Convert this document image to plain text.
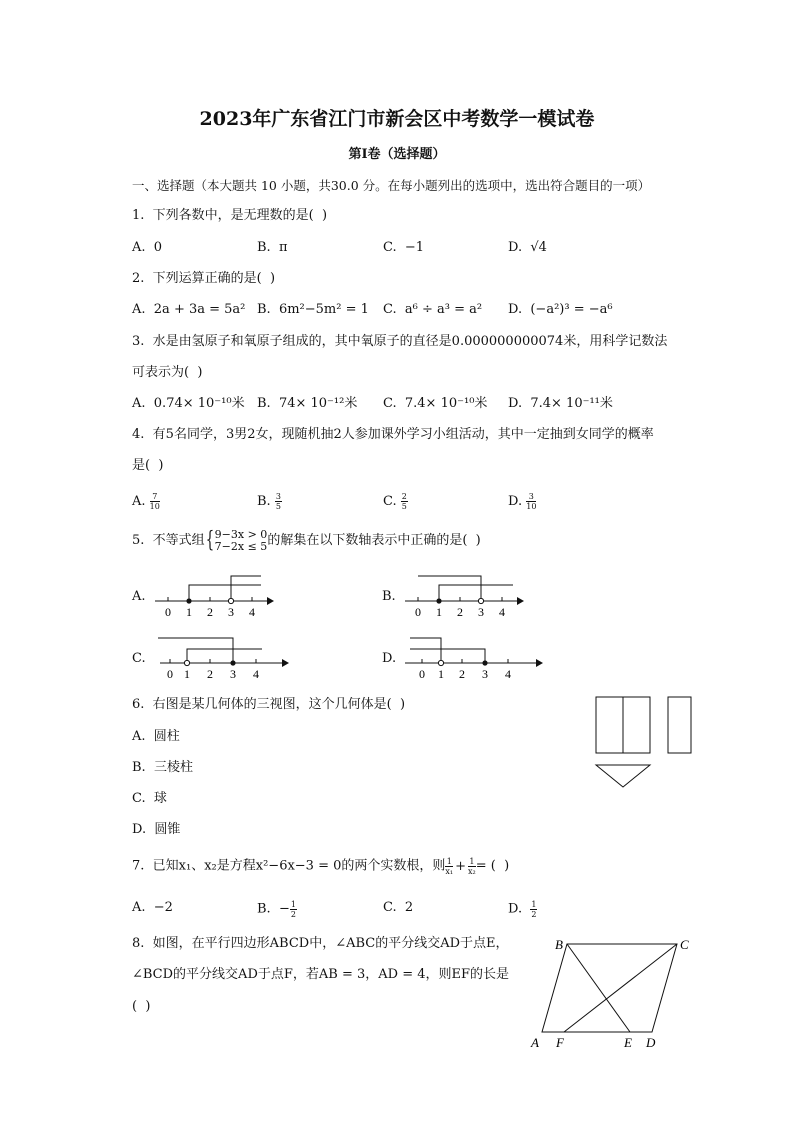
2023年广东省江门市新会区中考数学一模试卷
第Ⅰ卷（选择题）
一、选择题（本大题共 10 小题，共30.0 分。在每小题列出的选项中，选出符合题目的一项）
1.  下列各数中，是无理数的是(  )
A.  0	B.  π	C.  −1	D.  √4
2.  下列运算正确的是(  )
A.  2a + 3a = 5a² B.  6m²−5m² = 1 C.  a⁶ ÷ a³ = a² D.  (−a²)³ = −a⁶
3.  水是由氢原子和氧原子组成的，其中氧原子的直径是0.000000000074米，用科学记数法
可表示为(  )
A.  0.74× 10⁻¹⁰米 B.  74× 10⁻¹²米 C.  7.4× 10⁻¹⁰米 D.  7.4× 10⁻¹¹米
4.  有5名同学，3男2女，现随机抽2人参加课外学习小组活动，其中一定抽到女同学的概率
是(  )
A. $\frac{7}{10}$	B. $\frac{3}{5}$	C. $\frac{2}{5}$	D. $\frac{3}{10}$
5.  不等式组{ 9−3x > 0
7−2x ≤ 5 的解集在以下数轴表示中正确的是(  )
A.	B.
C.	D.
0 1 2 3 4	0 1 2 3 4
0 1 2 3 4	0 1 2 3 4
6.  右图是某几何体的三视图，这个几何体是(  )
A.  圆柱
B.  三棱柱
C.  球
D.  圆锥
7.  已知x₁、x₂是方程x²−6x−3 = 0的两个实数根，则 $\frac{1}{\text{x₁}} + \frac{1}{\text{x₂}}$ = (  )
A.  −2	B.  − $\frac{1}{2}$	C.  2	D. $\frac{1}{2}$
8.  如图，在平行四边形ABCD中，∠ABC的平分线交AD于点E，
∠BCD的平分线交AD于点F，若AB = 3，AD = 4，则EF的长是
(  )
B	C
A F	E D
